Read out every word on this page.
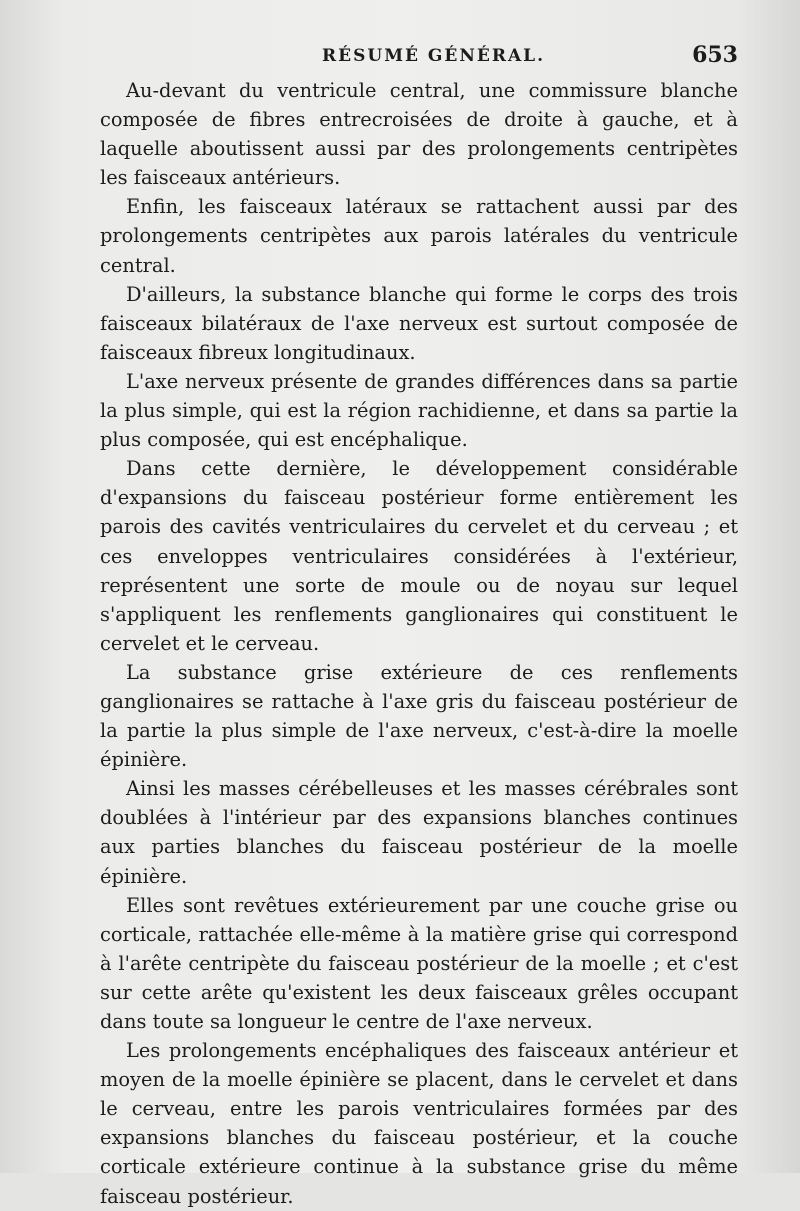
RÉSUMÉ GÉNÉRAL.	653

Au-devant du ventricule central, une commissure blanche composée de fibres entrecroisées de droite à gauche, et à laquelle aboutissent aussi par des prolongements centripètes les faisceaux antérieurs.

Enfin, les faisceaux latéraux se rattachent aussi par des prolongements centripètes aux parois latérales du ventricule central.

D'ailleurs, la substance blanche qui forme le corps des trois faisceaux bilatéraux de l'axe nerveux est surtout composée de faisceaux fibreux longitudinaux.

L'axe nerveux présente de grandes différences dans sa partie la plus simple, qui est la région rachidienne, et dans sa partie la plus composée, qui est encéphalique.

Dans cette dernière, le développement considérable d'expansions du faisceau postérieur forme entièrement les parois des cavités ventriculaires du cervelet et du cerveau ; et ces enveloppes ventriculaires considérées à l'extérieur, représentent une sorte de moule ou de noyau sur lequel s'appliquent les renflements ganglionaires qui constituent le cervelet et le cerveau.

La substance grise extérieure de ces renflements ganglionaires se rattache à l'axe gris du faisceau postérieur de la partie la plus simple de l'axe nerveux, c'est-à-dire la moelle épinière.

Ainsi les masses cérébelleuses et les masses cérébrales sont doublées à l'intérieur par des expansions blanches continues aux parties blanches du faisceau postérieur de la moelle épinière.

Elles sont revêtues extérieurement par une couche grise ou corticale, rattachée elle-même à la matière grise qui correspond à l'arête centripète du faisceau postérieur de la moelle ; et c'est sur cette arête qu'existent les deux faisceaux grêles occupant dans toute sa longueur le centre de l'axe nerveux.

Les prolongements encéphaliques des faisceaux antérieur et moyen de la moelle épinière se placent, dans le cervelet et dans le cerveau, entre les parois ventriculaires formées par des expansions blanches du faisceau postérieur, et la couche corticale extérieure continue à la substance grise du même faisceau postérieur.
